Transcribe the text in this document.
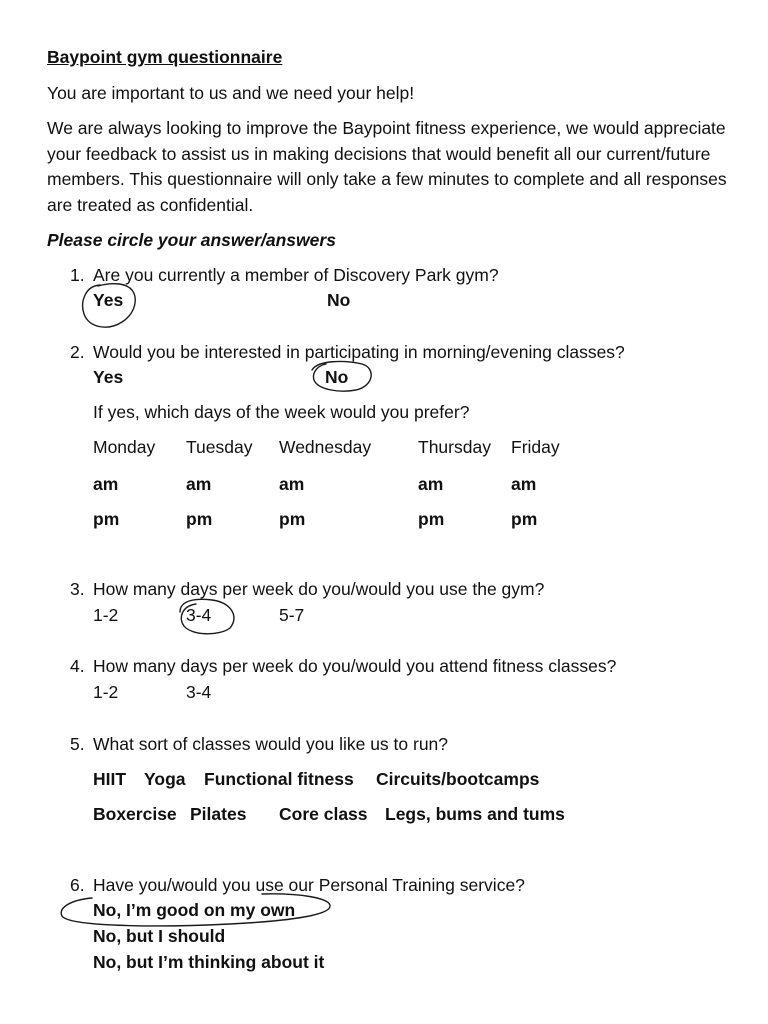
Baypoint gym questionnaire
You are important to us and we need your help!
We are always looking to improve the Baypoint fitness experience, we would appreciate your feedback to assist us in making decisions that would benefit all our current/future members. This questionnaire will only take a few minutes to complete and all responses are treated as confidential.
Please circle your answer/answers
1. Are you currently a member of Discovery Park gym?
Yes	No
2. Would you be interested in participating in morning/evening classes?
Yes	No
If yes, which days of the week would you prefer?
Monday Tuesday Wednesday	Thursday Friday
am	am	am	am	am
pm	pm	pm	pm	pm
3. How many days per week do you/would you use the gym?
1-2	3-4	5-7
4. How many days per week do you/would you attend fitness classes?
1-2	3-4
5. What sort of classes would you like us to run?
HIIT Yoga Functional fitness Circuits/bootcamps
Boxercise Pilates Core class Legs, bums and tums
6. Have you/would you use our Personal Training service?
No, I’m good on my own
No, but I should
No, but I’m thinking about it
